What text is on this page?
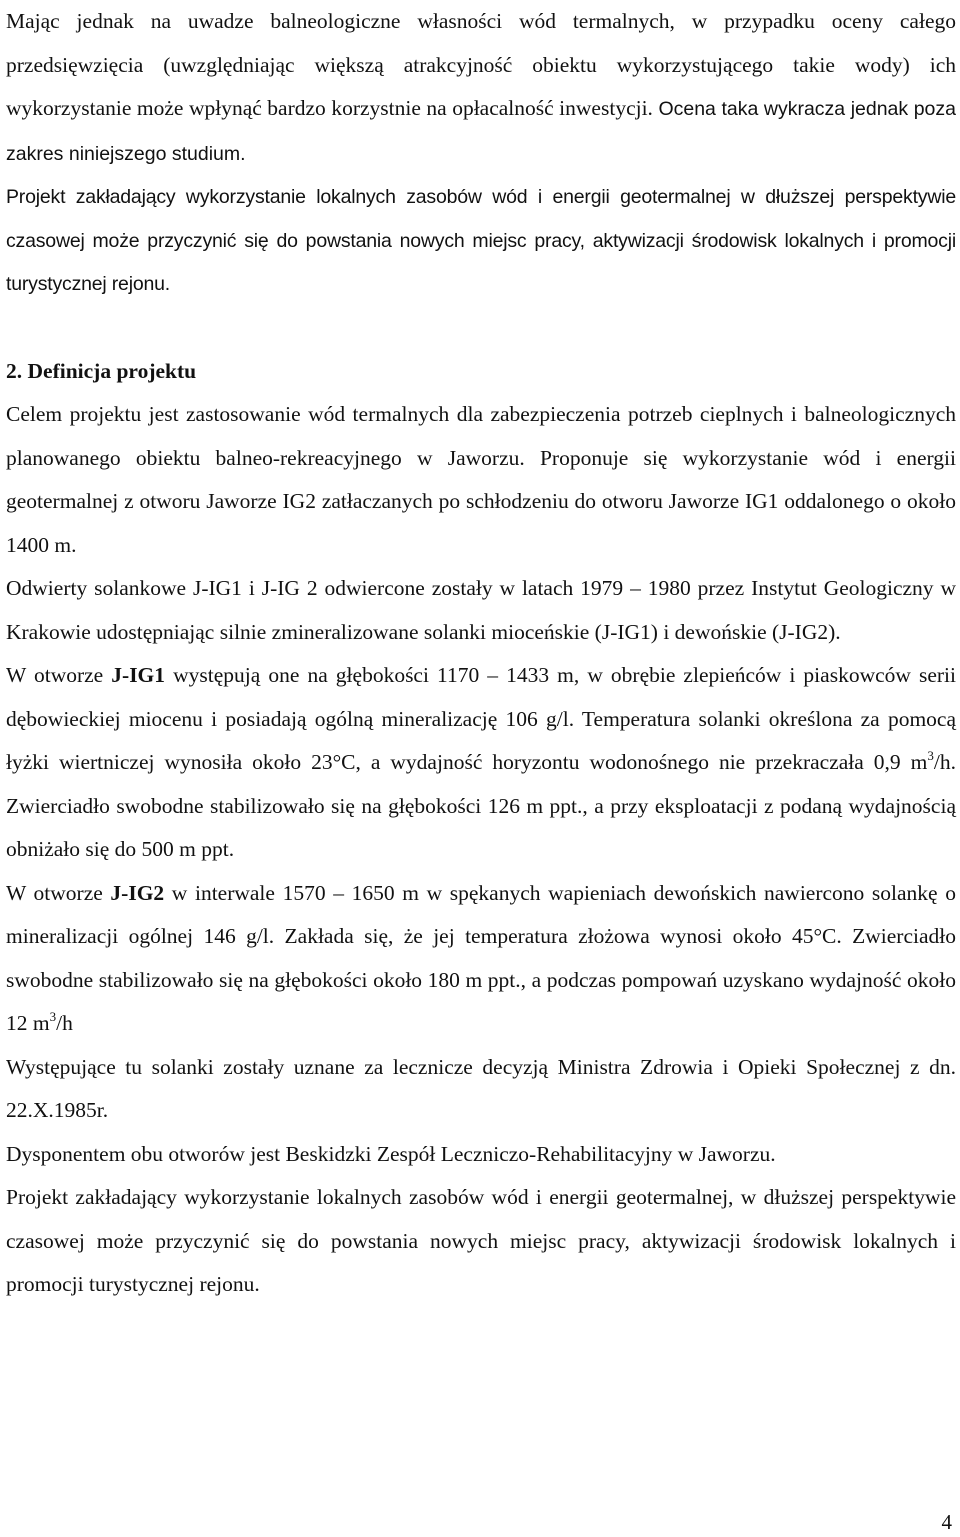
Mając jednak na uwadze balneologiczne własności wód termalnych, w przypadku oceny całego przedsięwzięcia (uwzględniając większą atrakcyjność obiektu wykorzystującego takie wody) ich wykorzystanie może wpłynąć bardzo korzystnie na opłacalność inwestycji. Ocena taka wykracza jednak poza zakres niniejszego studium.

Projekt zakładający wykorzystanie lokalnych zasobów wód i energii geotermalnej w dłuższej perspektywie czasowej może przyczynić się do powstania nowych miejsc pracy, aktywizacji środowisk lokalnych i promocji turystycznej rejonu.

2. Definicja projektu

Celem projektu jest zastosowanie wód termalnych dla zabezpieczenia potrzeb cieplnych i balneologicznych planowanego obiektu balneo-rekreacyjnego w Jaworzu. Proponuje się wykorzystanie wód i energii geotermalnej z otworu Jaworze IG2 zatłaczanych po schłodzeniu do otworu Jaworze IG1 oddalonego o około 1400 m.

Odwierty solankowe J-IG1 i J-IG 2 odwiercone zostały w latach 1979 – 1980 przez Instytut Geologiczny w Krakowie udostępniając silnie zmineralizowane solanki mioceńskie (J-IG1) i dewońskie (J-IG2).

W otworze J-IG1 występują one na głębokości 1170 – 1433 m, w obrębie zlepieńców i piaskowców serii dębowieckiej miocenu i posiadają ogólną mineralizację 106 g/l. Temperatura solanki określona za pomocą łyżki wiertniczej wynosiła około 23°C, a wydajność horyzontu wodonośnego nie przekraczała 0,9 $m^3/h$. Zwierciadło swobodne stabilizowało się na głębokości 126 m ppt., a przy eksploatacji z podaną wydajnością obniżało się do 500 m ppt.

W otworze J-IG2 w interwale 1570 – 1650 m w spękanych wapieniach dewońskich nawiercono solankę o mineralizacji ogólnej 146 g/l. Zakłada się, że jej temperatura złożowa wynosi około 45°C. Zwierciadło swobodne stabilizowało się na głębokości około 180 m ppt., a podczas pompowań uzyskano wydajność około 12 $m^3/h$

Występujące tu solanki zostały uznane za lecznicze decyzją Ministra Zdrowia i Opieki Społecznej z dn. 22.X.1985r.

Dysponentem obu otworów jest Beskidzki Zespół Leczniczo-Rehabilitacyjny w Jaworzu.

Projekt zakładający wykorzystanie lokalnych zasobów wód i energii geotermalnej, w dłuższej perspektywie czasowej może przyczynić się do powstania nowych miejsc pracy, aktywizacji środowisk lokalnych i promocji turystycznej rejonu.

4
